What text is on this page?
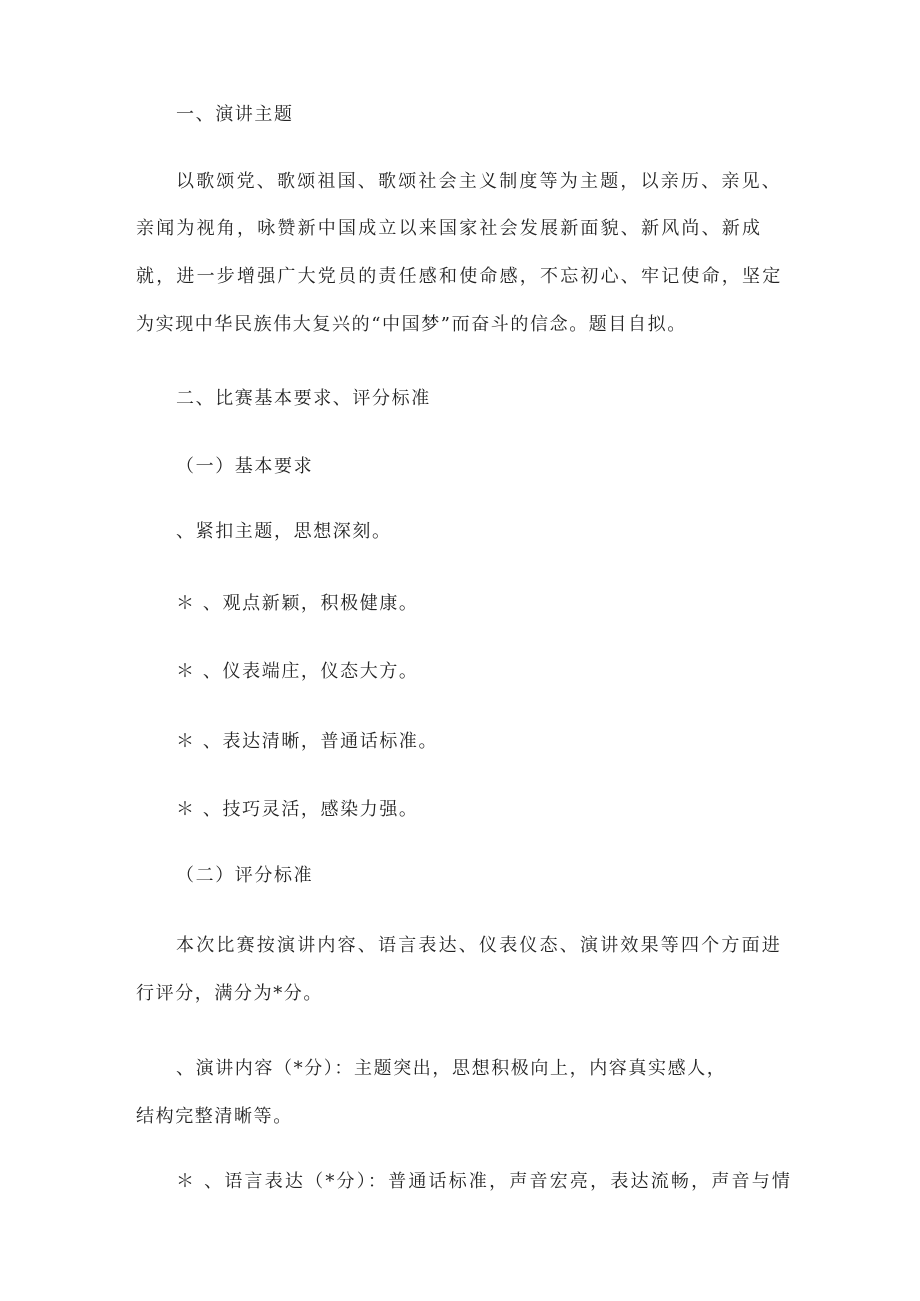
一、演讲主题
以歌颂党、歌颂祖国、歌颂社会主义制度等为主题，以亲历、亲见、
亲闻为视角，咏赞新中国成立以来国家社会发展新面貌、新风尚、新成
就，进一步增强广大党员的责任感和使命感，不忘初心、牢记使命，坚定
为实现中华民族伟大复兴的“中国梦”而奋斗的信念。题目自拟。
二、比赛基本要求、评分标准
（一）基本要求
、紧扣主题，思想深刻。
＊ 、观点新颖，积极健康。
＊ 、仪表端庄，仪态大方。
＊ 、表达清晰，普通话标准。
＊ 、技巧灵活，感染力强。
（二）评分标准
本次比赛按演讲内容、语言表达、仪表仪态、演讲效果等四个方面进
行评分，满分为*分。
、演讲内容（*分）：主题突出，思想积极向上，内容真实感人，
结构完整清晰等。
＊ 、语言表达（*分）：普通话标准，声音宏亮，表达流畅，声音与情
